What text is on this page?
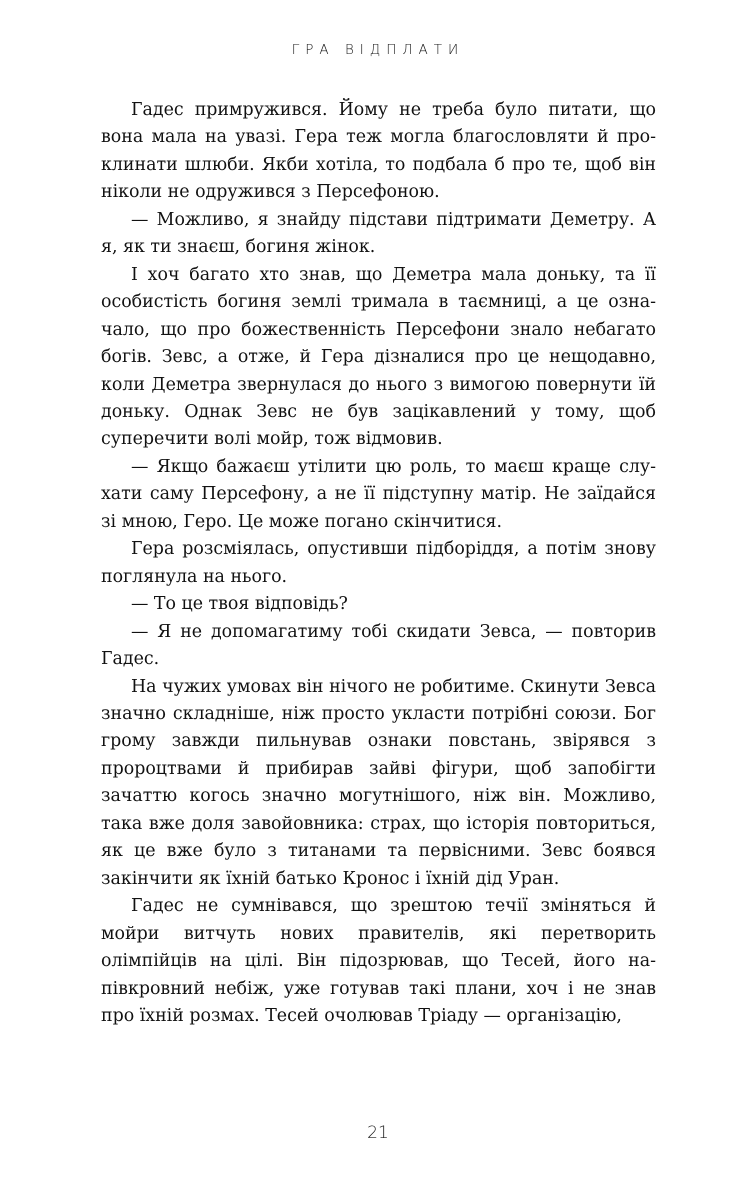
ГРА ВІДПЛАТИ

Гадес примружився. Йому не треба було питати, що вона мала на увазі. Гера теж могла благословляти й проклинати шлюби. Якби хотіла, то подбала б про те, щоб він ніколи не одружився з Персефоною.

— Можливо, я знайду підстави підтримати Деметру. А я, як ти знаєш, богиня жінок.

І хоч багато хто знав, що Деметра мала доньку, та її особистість богиня землі тримала в таємниці, а це означало, що про божественність Персефони знало небагато богів. Зевс, а отже, й Гера дізналися про це нещодавно, коли Деметра звернулася до нього з вимогою повернути їй доньку. Однак Зевс не був зацікавлений у тому, щоб суперечити волі мойр, тож відмовив.

— Якщо бажаєш утілити цю роль, то маєш краще слухати саму Персефону, а не її підступну матір. Не заїдайся зі мною, Геро. Це може погано скінчитися.

Гера розсміялась, опустивши підборіддя, а потім знову поглянула на нього.

— То це твоя відповідь?

— Я не допомагатиму тобі скидати Зевса, — повторив Гадес.

На чужих умовах він нічого не робитиме. Скинути Зевса значно складніше, ніж просто укласти потрібні союзи. Бог грому завжди пильнував ознаки повстань, звірявся з пророцтвами й прибирав зайві фігури, щоб запобігти зачаттю когось значно могутнішого, ніж він. Можливо, така вже доля завойовника: страх, що історія повториться, як це вже було з титанами та первісними. Зевс боявся закінчити як їхній батько Кронос і їхній дід Уран.

Гадес не сумнівався, що зрештою течії зміняться й мойри витчуть нових правителів, які перетворить олімпійців на цілі. Він підозрював, що Тесей, його напівкровний небіж, уже готував такі плани, хоч і не знав про їхній розмах. Тесей очолював Тріаду — організацію,

21
